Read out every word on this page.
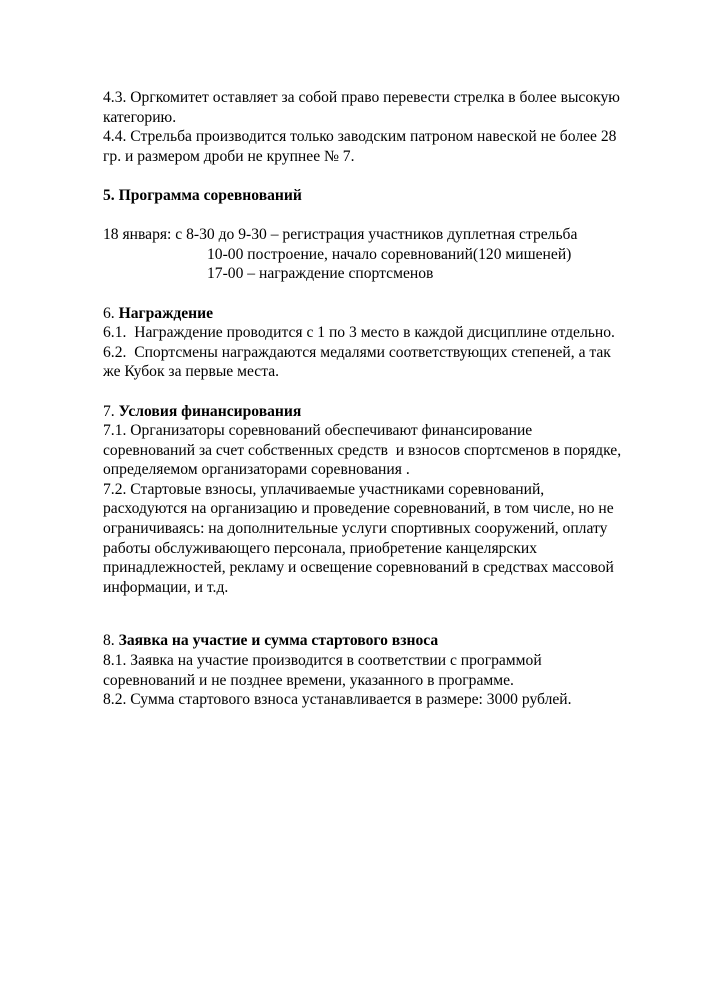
4.3. Оргкомитет оставляет за собой право перевести стрелка в более высокую
категорию.
4.4. Стрельба производится только заводским патроном навеской не более 28
гр. и размером дроби не крупнее № 7.
5. Программа соревнований
18 января: с 8-30 до 9-30 – регистрация участников дуплетная стрельба
10-00 построение, начало соревнований(120 мишеней)
17-00 – награждение спортсменов
6. Награждение
6.1.  Награждение проводится с 1 по 3 место в каждой дисциплине отдельно.
6.2.  Спортсмены награждаются медалями соответствующих степеней, а так
же Кубок за первые места.
7. Условия финансирования
7.1. Организаторы соревнований обеспечивают финансирование
соревнований за счет собственных средств  и взносов спортсменов в порядке,
определяемом организаторами соревнования .
7.2. Стартовые взносы, уплачиваемые участниками соревнований,
расходуются на организацию и проведение соревнований, в том числе, но не
ограничиваясь: на дополнительные услуги спортивных сооружений, оплату
работы обслуживающего персонала, приобретение канцелярских
принадлежностей, рекламу и освещение соревнований в средствах массовой
информации, и т.д.
8. Заявка на участие и сумма стартового взноса
8.1. Заявка на участие производится в соответствии с программой
соревнований и не позднее времени, указанного в программе.
8.2. Сумма стартового взноса устанавливается в размере: 3000 рублей.
